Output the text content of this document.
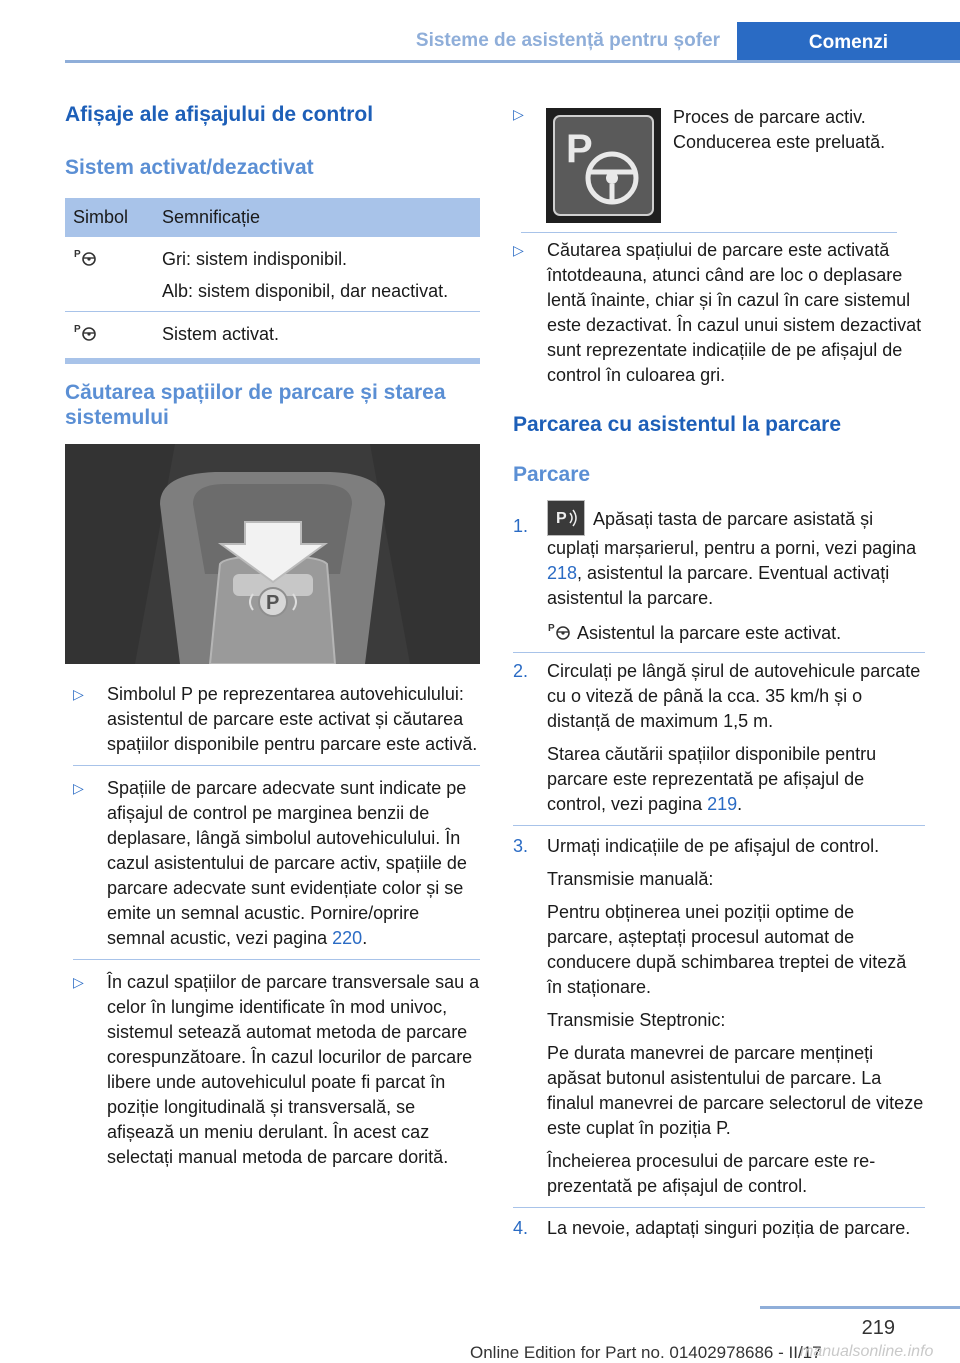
Sisteme de asistență pentru șofer	Comenzi
Afișaje ale afișajului de control
Sistem activat/dezactivat
Simbol	Semnificație
P	Gri: sistem indisponibil.

Alb: sistem disponibil, dar neactivat.

P	Sistem activat.

Căutarea spațiilor de parcare și starea sistemului
P
▷	Simbolul P pe reprezentarea autovehiculului: asistentul de parcare este activat și căutarea spațiilor disponibile pentru parcare este activă.

▷	Spațiile de parcare adecvate sunt indicate pe afișajul de control pe marginea benzii de deplasare, lângă simbolul autovehiculului. În cazul asistentului de parcare activ, spațiile de parcare adecvate sunt evidențiate color și se emite un semnal acustic. Pornire/oprire semnal acustic, vezi pagina 220.

▷	În cazul spațiilor de parcare transversale sau a celor în lungime identificate în mod univoc, sistemul setează automat metoda de parcare corespunzătoare. În cazul locurilor de parcare libere unde autovehiculul poate fi parcat în poziție longitudinală și transversală, se afișează un meniu derulant. În acest caz selectați manual metoda de parcare dorită.

▷
P

Proces de parcare activ.

Conducerea este preluată.

▷	Căutarea spațiului de parcare este activată întotdeauna, atunci când are loc o deplasare lentă înainte, chiar și în cazul în care sistemul este dezactivat. În cazul unui sistem dezactivat sunt reprezentate indicațiile de pe afișajul de control în culoarea gri.

Parcarea cu asistentul la parcare
Parcare
1.	P Apăsați tasta de parcare asistată și cuplați marșarierul, pentru a porni, vezi pagina 218, asistentul la parcare. Eventual activați asistentul la parcare.

P Asistentul la parcare este activat.

2.	Circulați pe lângă șirul de autovehicule parcate cu o viteză de până la cca. 35 km/h și o distanță de maximum 1,5 m.

Starea căutării spațiilor disponibile pentru parcare este reprezentată pe afișajul de control, vezi pagina 219.

3.	Urmați indicațiile de pe afișajul de control.

Transmisie manuală:

Pentru obținerea unei poziții optime de parcare, așteptați procesul automat de conducere după schimbarea treptei de viteză în staționare.

Transmisie Steptronic:

Pe durata manevrei de parcare mențineți apăsat butonul asistentului de parcare. La finalul manevrei de parcare selectorul de viteze este cuplat în poziția P.

Încheierea procesului de parcare este reprezentată pe afișajul de control.

4.	La nevoie, adaptați singuri poziția de parcare.

219
Online Edition for Part no. 01402978686 - II/17
manualsonline.info
